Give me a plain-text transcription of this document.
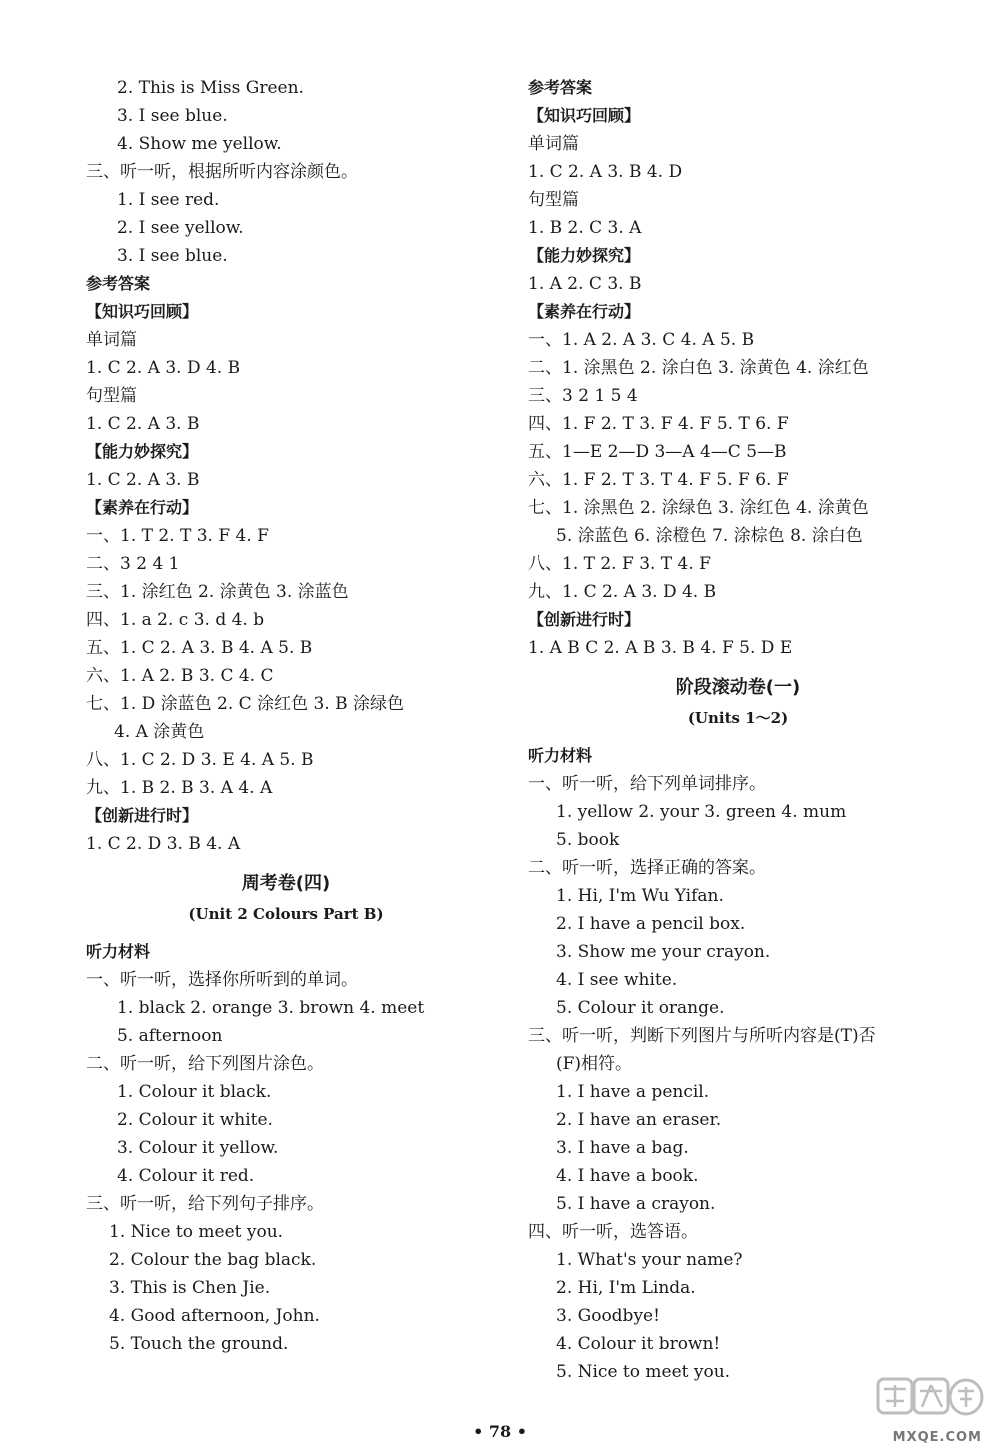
2. This is Miss Green.
3. I see blue.
4. Show me yellow.
三、听一听，根据所听内容涂颜色。
1. I see red.
2. I see yellow.
3. I see blue.
参考答案
【知识巧回顾】
单词篇
1. C 2. A 3. D 4. B
句型篇
1. C 2. A 3. B
【能力妙探究】
1. C 2. A 3. B
【素养在行动】
一、1. T 2. T 3. F 4. F
二、3 2 4 1
三、1. 涂红色 2. 涂黄色 3. 涂蓝色
四、1. a 2. c 3. d 4. b
五、1. C 2. A 3. B 4. A 5. B
六、1. A 2. B 3. C 4. C
七、1. D 涂蓝色 2. C 涂红色 3. B 涂绿色
4. A 涂黄色
八、1. C 2. D 3. E 4. A 5. B
九、1. B 2. B 3. A 4. A
【创新进行时】
1. C 2. D 3. B 4. A
周考卷(四)
(Unit 2 Colours Part B)
听力材料
一、听一听，选择你所听到的单词。
1. black 2. orange 3. brown 4. meet
5. afternoon
二、听一听，给下列图片涂色。
1. Colour it black.
2. Colour it white.
3. Colour it yellow.
4. Colour it red.
三、听一听，给下列句子排序。
1. Nice to meet you.
2. Colour the bag black.
3. This is Chen Jie.
4. Good afternoon, John.
5. Touch the ground.
参考答案
【知识巧回顾】
单词篇
1. C 2. A 3. B 4. D
句型篇
1. B 2. C 3. A
【能力妙探究】
1. A 2. C 3. B
【素养在行动】
一、1. A 2. A 3. C 4. A 5. B
二、1. 涂黑色 2. 涂白色 3. 涂黄色 4. 涂红色
三、3 2 1 5 4
四、1. F 2. T 3. F 4. F 5. T 6. F
五、1—E 2—D 3—A 4—C 5—B
六、1. F 2. T 3. T 4. F 5. F 6. F
七、1. 涂黑色 2. 涂绿色 3. 涂红色 4. 涂黄色
5. 涂蓝色 6. 涂橙色 7. 涂棕色 8. 涂白色
八、1. T 2. F 3. T 4. F
九、1. C 2. A 3. D 4. B
【创新进行时】
1. A B C 2. A B 3. B 4. F 5. D E
阶段滚动卷(一)
(Units 1～2)
听力材料
一、听一听，给下列单词排序。
1. yellow 2. your 3. green 4. mum
5. book
二、听一听，选择正确的答案。
1. Hi, I'm Wu Yifan.
2. I have a pencil box.
3. Show me your crayon.
4. I see white.
5. Colour it orange.
三、听一听，判断下列图片与所听内容是(T)否
(F)相符。
1. I have a pencil.
2. I have an eraser.
3. I have a bag.
4. I have a book.
5. I have a crayon.
四、听一听，选答语。
1. What's your name?
2. Hi, I'm Linda.
3. Goodbye!
4. Colour it brown!
5. Nice to meet you.
• 78 •	MXQE.COM
